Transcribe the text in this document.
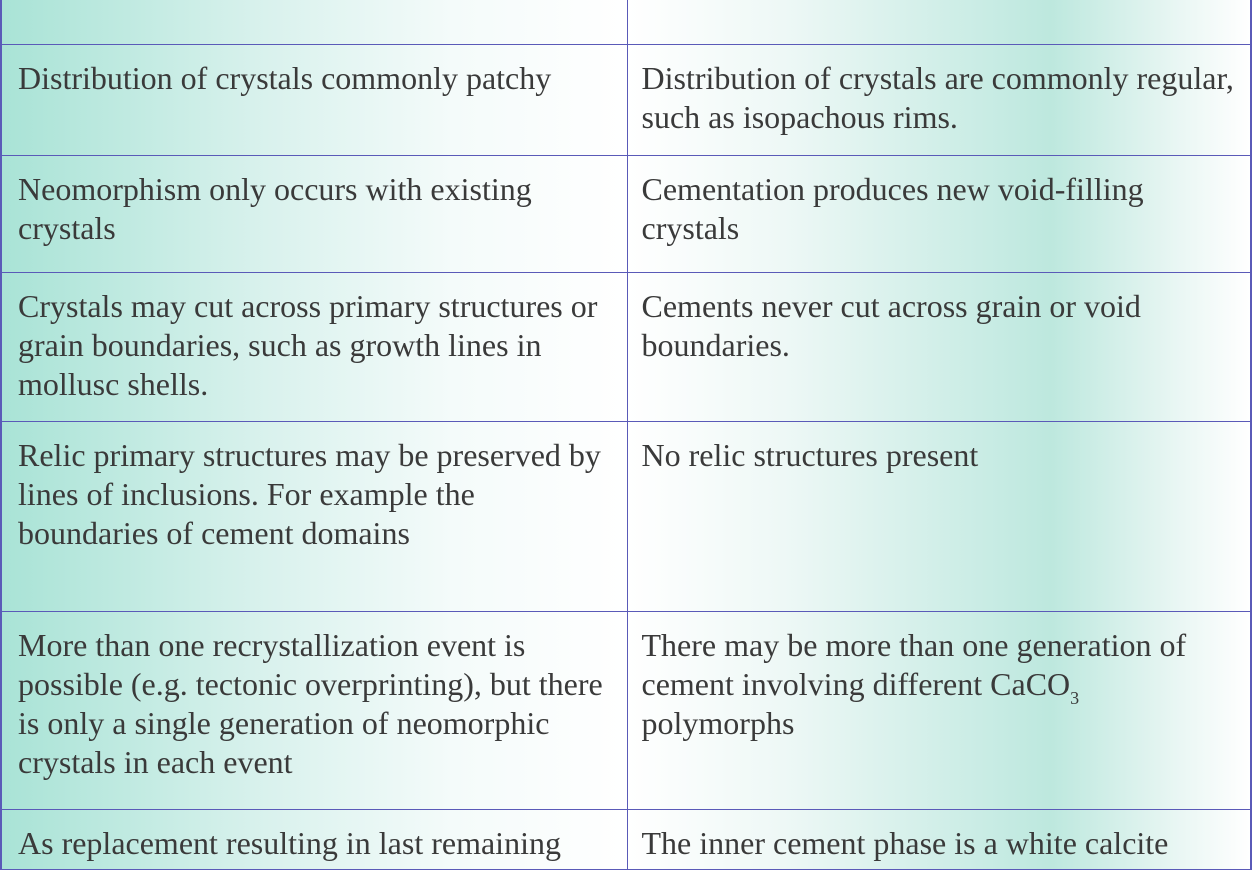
Distribution of crystals commonly patchy	Distribution of crystals are commonly regular, such as isopachous rims.

Neomorphism only occurs with existing crystals	Cementation produces new void-filling crystals

Crystals may cut across primary structures or grain boundaries, such as growth lines in mollusc shells.	Cements never cut across grain or void boundaries.

Relic primary structures may be preserved by lines of inclusions. For example the boundaries of cement domains	No relic structures present

More than one recrystallization event is possible (e.g. tectonic overprinting), but there is only a single generation of neomorphic crystals in each event	There may be more than one generation of cement involving different CaCO$_3$ polymorphs

As replacement resulting in last remaining	The inner cement phase is a white calcite
